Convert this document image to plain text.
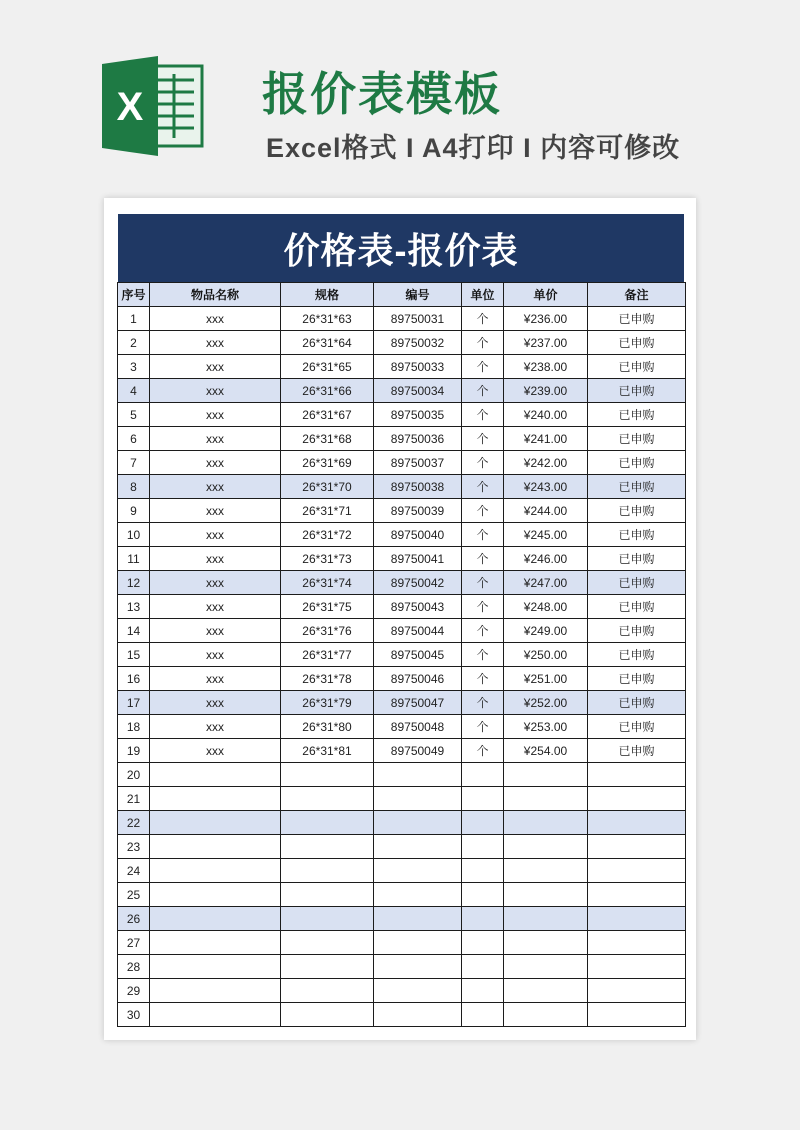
X	报价表模板
Excel格式 I A4打印 I 内容可修改
价格表-报价表
序号	物品名称	规格	编号	单位	单价	备注
1	xxx	26*31*63	89750031	个	¥236.00	已申购
2	xxx	26*31*64	89750032	个	¥237.00	已申购
3	xxx	26*31*65	89750033	个	¥238.00	已申购
4	xxx	26*31*66	89750034	个	¥239.00	已申购
5	xxx	26*31*67	89750035	个	¥240.00	已申购
6	xxx	26*31*68	89750036	个	¥241.00	已申购
7	xxx	26*31*69	89750037	个	¥242.00	已申购
8	xxx	26*31*70	89750038	个	¥243.00	已申购
9	xxx	26*31*71	89750039	个	¥244.00	已申购
10	xxx	26*31*72	89750040	个	¥245.00	已申购
11	xxx	26*31*73	89750041	个	¥246.00	已申购
12	xxx	26*31*74	89750042	个	¥247.00	已申购
13	xxx	26*31*75	89750043	个	¥248.00	已申购
14	xxx	26*31*76	89750044	个	¥249.00	已申购
15	xxx	26*31*77	89750045	个	¥250.00	已申购
16	xxx	26*31*78	89750046	个	¥251.00	已申购
17	xxx	26*31*79	89750047	个	¥252.00	已申购
18	xxx	26*31*80	89750048	个	¥253.00	已申购
19	xxx	26*31*81	89750049	个	¥254.00	已申购
20						
21						
22						
23						
24						
25						
26						
27						
28						
29						
30						
